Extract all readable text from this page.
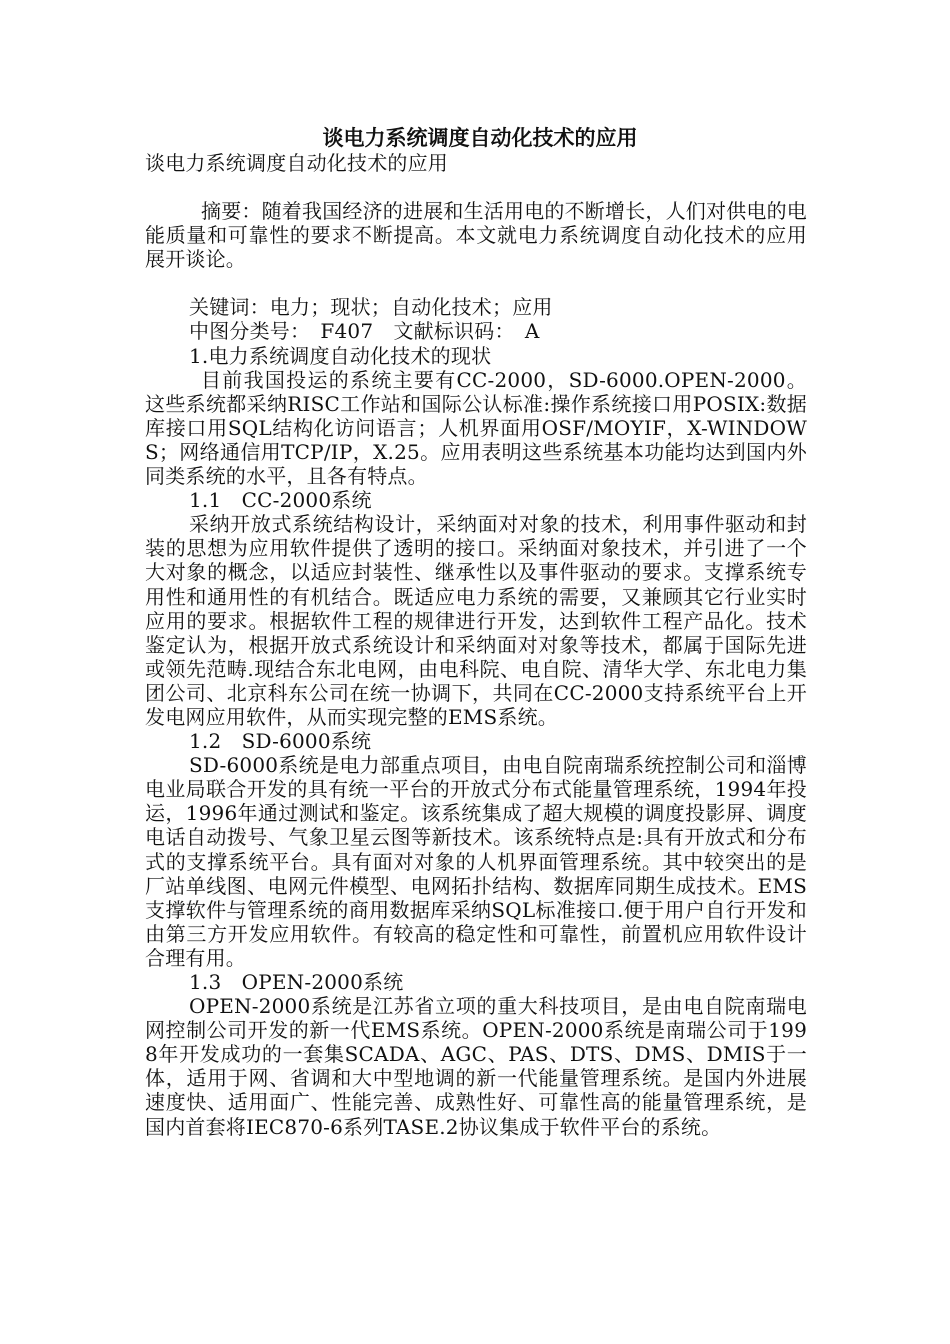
谈电力系统调度自动化技术的应用

谈电力系统调度自动化技术的应用

摘要：随着我国经济的进展和生活用电的不断增长，人们对供电的电能质量和可靠性的要求不断提高。本文就电力系统调度自动化技术的应用展开谈论。

关键词：电力；现状；自动化技术；应用

中图分类号：　F407　文献标识码：　A

1.电力系统调度自动化技术的现状

目前我国投运的系统主要有CC-2000，SD-6000.OPEN-2000。这些系统都采纳RISC工作站和国际公认标准:操作系统接口用POSIX:数据库接口用SQL结构化访问语言；人机界面用OSF/MOYIF，X-WINDOWS；网络通信用TCP/IP，X.25。应用表明这些系统基本功能均达到国内外同类系统的水平，且各有特点。

1.1　CC-2000系统

采纳开放式系统结构设计，采纳面对对象的技术，利用事件驱动和封装的思想为应用软件提供了透明的接口。采纳面对象技术，并引进了一个大对象的概念，以适应封装性、继承性以及事件驱动的要求。支撑系统专用性和通用性的有机结合。既适应电力系统的需要，又兼顾其它行业实时应用的要求。根据软件工程的规律进行开发，达到软件工程产品化。技术鉴定认为，根据开放式系统设计和采纳面对对象等技术，都属于国际先进或领先范畴.现结合东北电网，由电科院、电自院、清华大学、东北电力集团公司、北京科东公司在统一协调下，共同在CC-2000支持系统平台上开发电网应用软件，从而实现完整的EMS系统。

1.2　SD-6000系统

SD-6000系统是电力部重点项目，由电自院南瑞系统控制公司和淄博电业局联合开发的具有统一平台的开放式分布式能量管理系统，1994年投运，1996年通过测试和鉴定。该系统集成了超大规模的调度投影屏、调度电话自动拨号、气象卫星云图等新技术。该系统特点是:具有开放式和分布式的支撑系统平台。具有面对对象的人机界面管理系统。其中较突出的是厂站单线图、电网元件模型、电网拓扑结构、数据库同期生成技术。EMS支撑软件与管理系统的商用数据库采纳SQL标准接口.便于用户自行开发和由第三方开发应用软件。有较高的稳定性和可靠性，前置机应用软件设计合理有用。

1.3　OPEN-2000系统

OPEN-2000系统是江苏省立项的重大科技项目，是由电自院南瑞电网控制公司开发的新一代EMS系统。OPEN-2000系统是南瑞公司于1998年开发成功的一套集SCADA、AGC、PAS、DTS、DMS、DMIS于一体，适用于网、省调和大中型地调的新一代能量管理系统。是国内外进展速度快、适用面广、性能完善、成熟性好、可靠性高的能量管理系统，是国内首套将IEC870-6系列TASE.2协议集成于软件平台的系统。
